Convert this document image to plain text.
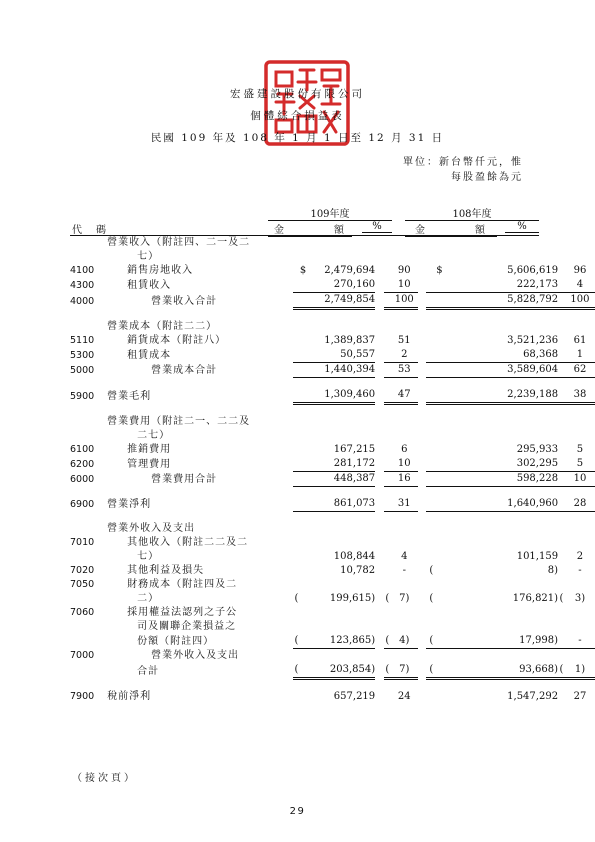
宏盛建設股份有限公司
個體綜合損益表
民國 109 年及 108 年 1 月 1 日至 12 月 31 日
單位：新台幣仟元，惟
每股盈餘為元
109年度	108年度
代　碼	金　　　　額	%	金　　　　額	%
	營業收入（附註四、二一及二												
	七）												
4100	銷售房地收入		$	2,479,694			90			$	5,606,619		96
4300	租賃收入			270,160			10				222,173		4
4000	營業收入合計			2,749,854			100				5,828,792		100

	營業成本（附註二二）												
5110	銷貨成本（附註八）			1,389,837			51				3,521,236		61
5300	租賃成本			50,557			2				68,368		1
5000	營業成本合計			1,440,394			53				3,589,604		62

5900	營業毛利			1,309,460			47				2,239,188		38

	營業費用（附註二一、二二及												
	二七）												
6100	推銷費用			167,215			6				295,933		5
6200	管理費用			281,172			10				302,295		5
6000	營業費用合計			448,387			16				598,228		10

6900	營業淨利			861,073			31				1,640,960		28

	營業外收入及支出												
7010	其他收入（附註二二及二												
	七）			108,844			4				101,159		2
7020	其他利益及損失			10,782			-		(		8)		-
7050	財務成本（附註四及二												
	二）	(		199,615)		(	7)		(		176,821)	(	3)
7060	採用權益法認列之子公												
	司及關聯企業損益之												
	份額（附註四）	(		123,865)		(	4)		(		17,998)		-
7000	營業外收入及支出												
	合計	(		203,854)		(	7)		(		93,668)	(	1)

7900	稅前淨利			657,219			24				1,547,292		27
（接次頁）
29
